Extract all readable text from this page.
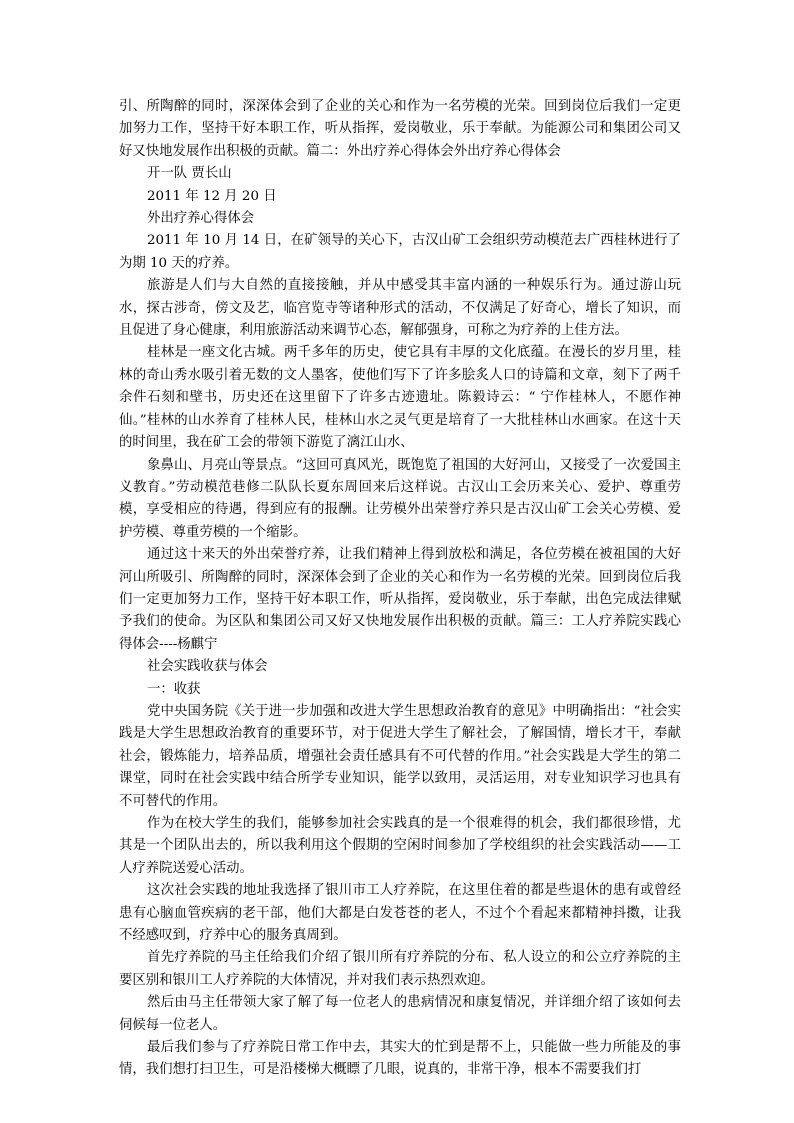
引、所陶醉的同时，深深体会到了企业的关心和作为一名劳模的光荣。回到岗位后我们一定更加努力工作，坚持干好本职工作，听从指挥，爱岗敬业，乐于奉献。为能源公司和集团公司又好又快地发展作出积极的贡献。篇二：外出疗养心得体会外出疗养心得体会

开一队 贾长山

2011 年 12 月 20 日

外出疗养心得体会

2011 年 10 月 14 日，在矿领导的关心下，古汉山矿工会组织劳动模范去广西桂林进行了为期 10 天的疗养。

旅游是人们与大自然的直接接触，并从中感受其丰富内涵的一种娱乐行为。通过游山玩水，探古涉奇，傍文及艺，临宫览寺等诸种形式的活动，不仅满足了好奇心，增长了知识，而且促进了身心健康，利用旅游活动来调节心态，解郁强身，可称之为疗养的上佳方法。

桂林是一座文化古城。两千多年的历史，使它具有丰厚的文化底蕴。在漫长的岁月里，桂林的奇山秀水吸引着无数的文人墨客，使他们写下了许多脍炙人口的诗篇和文章，刻下了两千余件石刻和壁书，历史还在这里留下了许多古迹遗址。陈毅诗云：“ 宁作桂林人，不愿作神仙。”桂林的山水养育了桂林人民，桂林山水之灵气更是培育了一大批桂林山水画家。在这十天的时间里，我在矿工会的带领下游览了漓江山水、

象鼻山、月亮山等景点。“这回可真风光，既饱览了祖国的大好河山，又接受了一次爱国主义教育。”劳动模范巷修二队队长夏东周回来后这样说。古汉山工会历来关心、爱护、尊重劳模，享受相应的待遇，得到应有的报酬。让劳模外出荣誉疗养只是古汉山矿工会关心劳模、爱护劳模、尊重劳模的一个缩影。

通过这十来天的外出荣誉疗养，让我们精神上得到放松和满足，各位劳模在被祖国的大好河山所吸引、所陶醉的同时，深深体会到了企业的关心和作为一名劳模的光荣。回到岗位后我们一定更加努力工作，坚持干好本职工作，听从指挥，爱岗敬业，乐于奉献，出色完成法律赋予我们的使命。为区队和集团公司又好又快地发展作出积极的贡献。篇三：工人疗养院实践心得体会----杨麒宁

社会实践收获与体会

一：收获

党中央国务院《关于进一步加强和改进大学生思想政治教育的意见》中明确指出：“社会实践是大学生思想政治教育的重要环节，对于促进大学生了解社会，了解国情，增长才干，奉献社会，锻炼能力，培养品质，增强社会责任感具有不可代替的作用。”社会实践是大学生的第二课堂，同时在社会实践中结合所学专业知识，能学以致用，灵活运用，对专业知识学习也具有不可替代的作用。

作为在校大学生的我们，能够参加社会实践真的是一个很难得的机会，我们都很珍惜，尤其是一个团队出去的，所以我利用这个假期的空闲时间参加了学校组织的社会实践活动——工人疗养院送爱心活动。

这次社会实践的地址我选择了银川市工人疗养院，在这里住着的都是些退休的患有或曾经患有心脑血管疾病的老干部，他们大都是白发苍苍的老人，不过个个看起来都精神抖擞，让我不经感叹到，疗养中心的服务真周到。

首先疗养院的马主任给我们介绍了银川所有疗养院的分布、私人设立的和公立疗养院的主要区别和银川工人疗养院的大体情况，并对我们表示热烈欢迎。

然后由马主任带领大家了解了每一位老人的患病情况和康复情况，并详细介绍了该如何去伺候每一位老人。

最后我们参与了疗养院日常工作中去，其实大的忙到是帮不上，只能做一些力所能及的事情，我们想打扫卫生，可是沿楼梯大概瞟了几眼，说真的，非常干净，根本不需要我们打
